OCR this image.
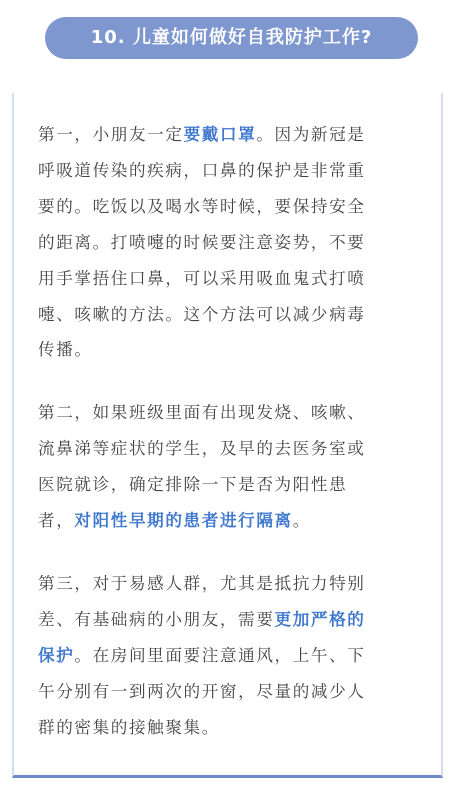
10. 儿童如何做好自我防护工作?

第一，小朋友一定要戴口罩。因为新冠是
呼吸道传染的疾病，口鼻的保护是非常重
要的。吃饭以及喝水等时候，要保持安全
的距离。打喷嚏的时候要注意姿势，不要
用手掌捂住口鼻，可以采用吸血鬼式打喷
嚏、咳嗽的方法。这个方法可以减少病毒
传播。

第二，如果班级里面有出现发烧、咳嗽、
流鼻涕等症状的学生，及早的去医务室或
医院就诊，确定排除一下是否为阳性患
者，对阳性早期的患者进行隔离。

第三，对于易感人群，尤其是抵抗力特别
差、有基础病的小朋友，需要更加严格的
保护。在房间里面要注意通风，上午、下
午分别有一到两次的开窗，尽量的减少人
群的密集的接触聚集。
